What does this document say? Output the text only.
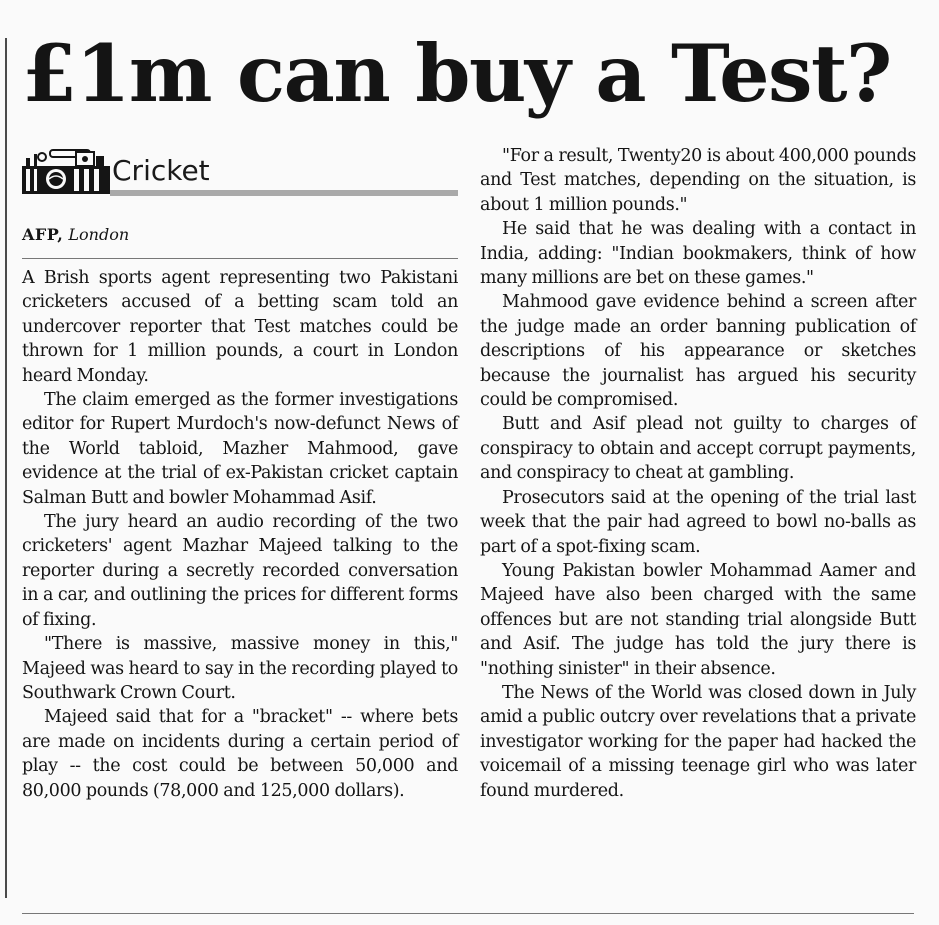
£1m can buy a Test?
Cricket
AFP, London

A Brish sports agent representing two Pakistani cricketers accused of a betting scam told an undercover reporter that Test matches could be thrown for 1 million pounds, a court in London heard Monday.

The claim emerged as the former investigations editor for Rupert Murdoch's now-defunct News of the World tabloid, Mazher Mahmood, gave evidence at the trial of ex-Pakistan cricket captain Salman Butt and bowler Mohammad Asif.

The jury heard an audio recording of the two cricketers' agent Mazhar Majeed talking to the reporter during a secretly recorded conversation in a car, and outlining the prices for different forms of fixing.

"There is massive, massive money in this," Majeed was heard to say in the recording played to Southwark Crown Court.

Majeed said that for a "bracket" -- where bets are made on incidents during a certain period of play -- the cost could be between 50,000 and 80,000 pounds (78,000 and 125,000 dollars).

"For a result, Twenty20 is about 400,000 pounds and Test matches, depending on the situation, is about 1 million pounds."

He said that he was dealing with a contact in India, adding: "Indian bookmakers, think of how many millions are bet on these games."

Mahmood gave evidence behind a screen after the judge made an order banning publication of descriptions of his appearance or sketches because the journalist has argued his security could be compromised.

Butt and Asif plead not guilty to charges of conspiracy to obtain and accept corrupt payments, and conspiracy to cheat at gambling.

Prosecutors said at the opening of the trial last week that the pair had agreed to bowl no-balls as part of a spot-fixing scam.

Young Pakistan bowler Mohammad Aamer and Majeed have also been charged with the same offences but are not standing trial alongside Butt and Asif. The judge has told the jury there is "nothing sinister" in their absence.

The News of the World was closed down in July amid a public outcry over revelations that a private investigator working for the paper had hacked the voicemail of a missing teenage girl who was later found murdered.
